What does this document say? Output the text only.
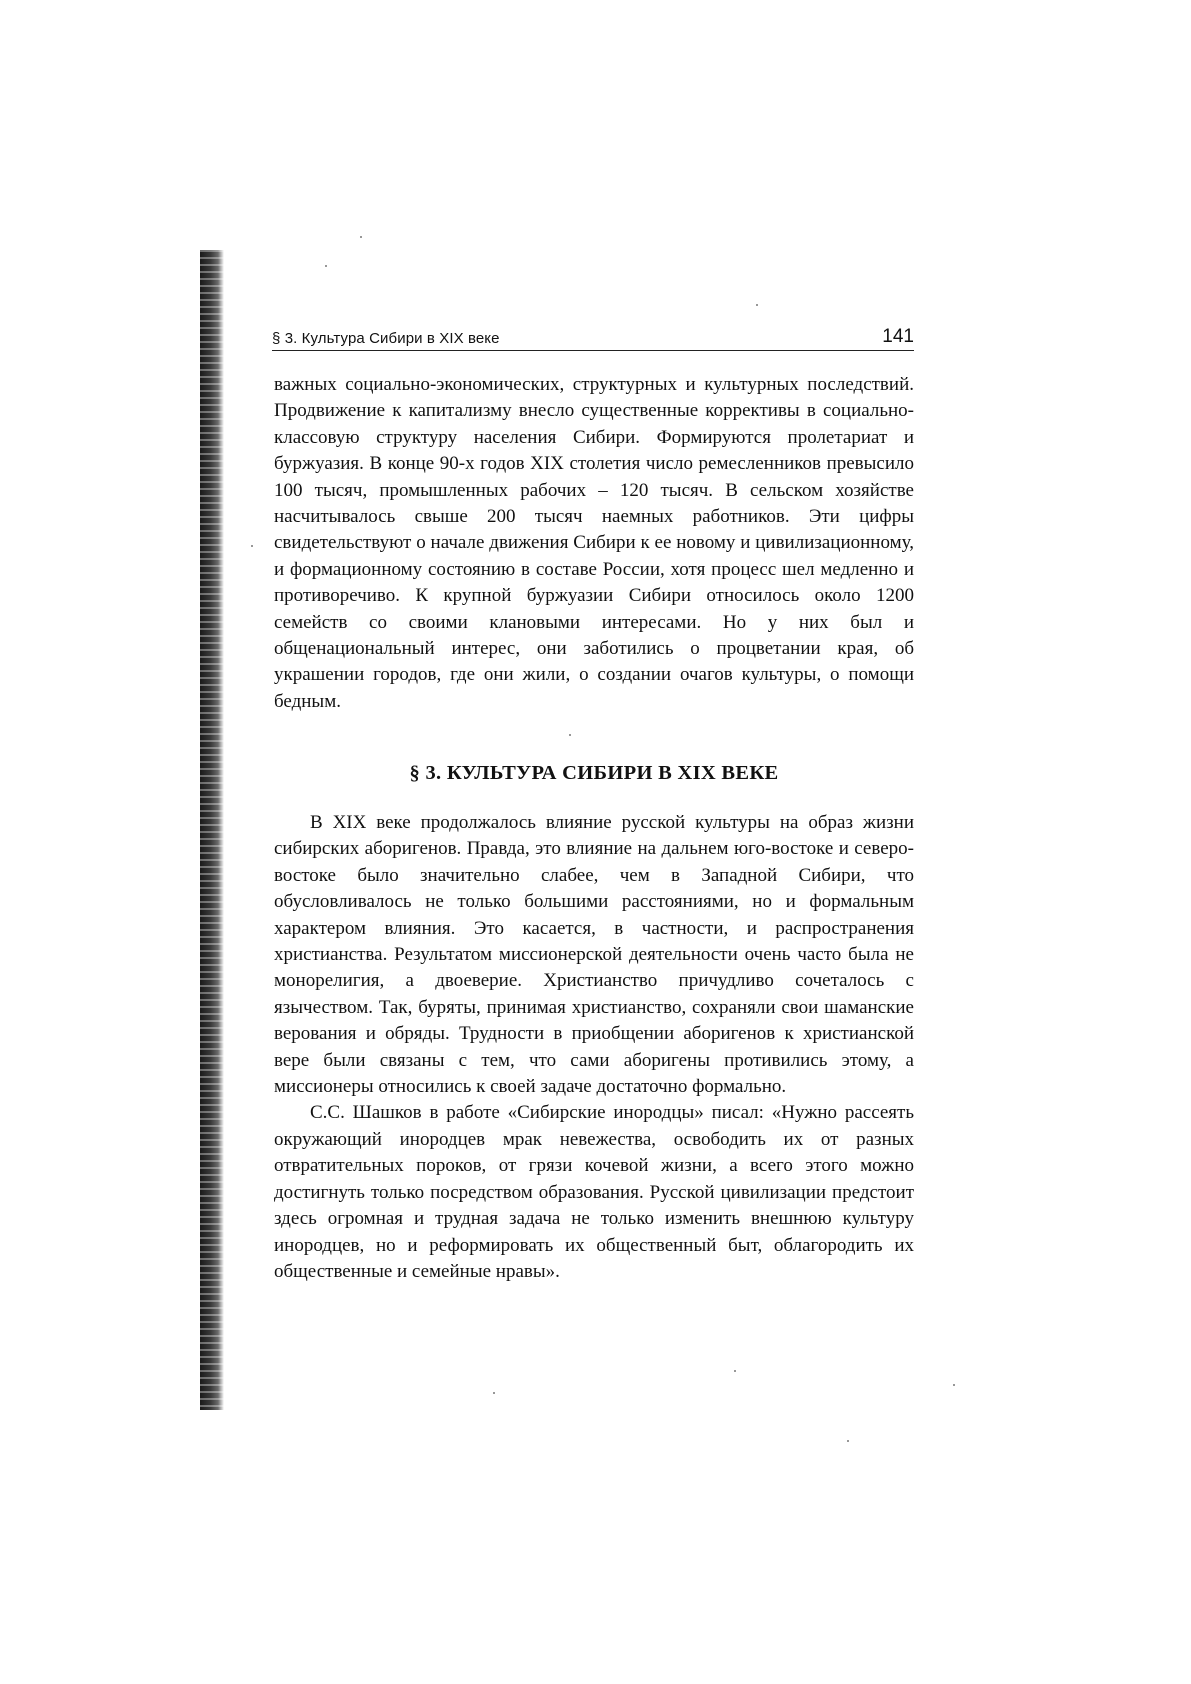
§ 3. Культура Сибири в XIX веке	141

важных социально-экономических, структурных и культурных последствий. Продвижение к капитализму внесло существенные коррективы в социально-классовую структуру населения Сибири. Формируются пролетариат и буржуазия. В конце 90-х годов XIX столетия число ремесленников превысило 100 тысяч, промышленных рабочих – 120 тысяч. В сельском хозяйстве насчитывалось свыше 200 тысяч наемных работников. Эти цифры свидетельствуют о начале движения Сибири к ее новому и цивилизационному, и формационному состоянию в составе России, хотя процесс шел медленно и противоречиво. К крупной буржуазии Сибири относилось около 1200 семейств со своими клановыми интересами. Но у них был и общенациональный интерес, они заботились о процветании края, об украшении городов, где они жили, о создании очагов культуры, о помощи бедным.

§ 3. КУЛЬТУРА СИБИРИ В XIX ВЕКЕ

В XIX веке продолжалось влияние русской культуры на образ жизни сибирских аборигенов. Правда, это влияние на дальнем юго-востоке и северо-востоке было значительно слабее, чем в Западной Сибири, что обусловливалось не только большими расстояниями, но и формальным характером влияния. Это касается, в частности, и распространения христианства. Результатом миссионерской деятельности очень часто была не монорелигия, а двоеверие. Христианство причудливо сочеталось с язычеством. Так, буряты, принимая христианство, сохраняли свои шаманские верования и обряды. Трудности в приобщении аборигенов к христианской вере были связаны с тем, что сами аборигены противились этому, а миссионеры относились к своей задаче достаточно формально.

С.С. Шашков в работе «Сибирские инородцы» писал: «Нужно рассеять окружающий инородцев мрак невежества, освободить их от разных отвратительных пороков, от грязи кочевой жизни, а всего этого можно достигнуть только посредством образования. Русской цивилизации предстоит здесь огромная и трудная задача не только изменить внешнюю культуру инородцев, но и реформировать их общественный быт, облагородить их общественные и семейные нравы».
